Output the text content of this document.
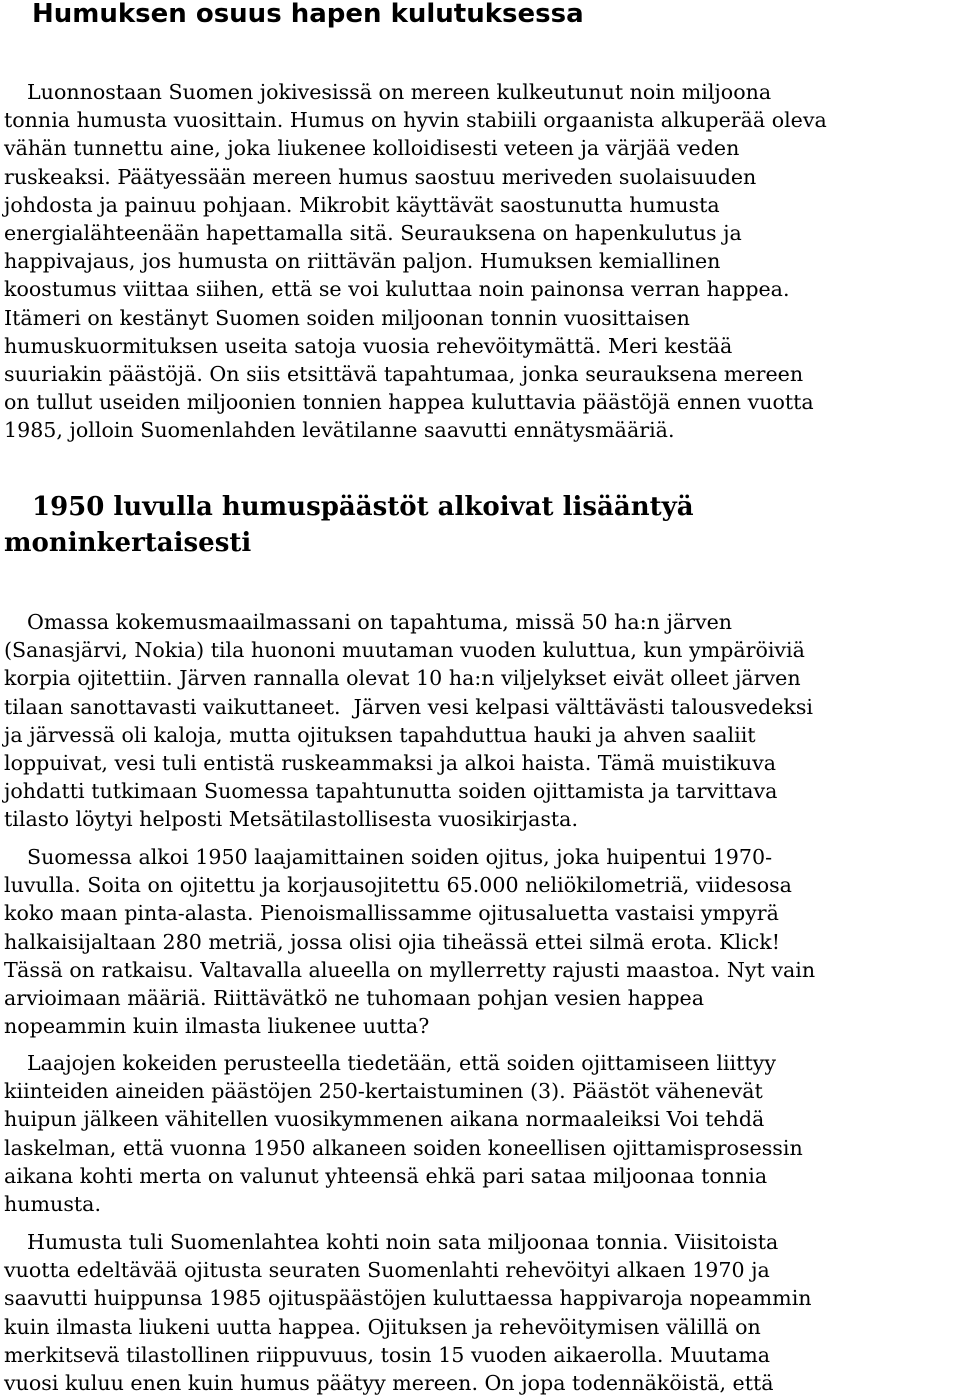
Humuksen osuus hapen kulutuksessa

Luonnostaan Suomen jokivesissä on mereen kulkeutunut noin miljoona
tonnia humusta vuosittain. Humus on hyvin stabiili orgaanista alkuperää oleva
vähän tunnettu aine, joka liukenee kolloidisesti veteen ja värjää veden
ruskeaksi. Päätyessään mereen humus saostuu meriveden suolaisuuden
johdosta ja painuu pohjaan. Mikrobit käyttävät saostunutta humusta
energialähteenään hapettamalla sitä. Seurauksena on hapenkulutus ja
happivajaus, jos humusta on riittävän paljon. Humuksen kemiallinen
koostumus viittaa siihen, että se voi kuluttaa noin painonsa verran happea.
Itämeri on kestänyt Suomen soiden miljoonan tonnin vuosittaisen
humuskuormituksen useita satoja vuosia rehevöitymättä. Meri kestää
suuriakin päästöjä. On siis etsittävä tapahtumaa, jonka seurauksena mereen
on tullut useiden miljoonien tonnien happea kuluttavia päästöjä ennen vuotta
1985, jolloin Suomenlahden levätilanne saavutti ennätysmääriä.

1950 luvulla humuspäästöt alkoivat lisääntyä
moninkertaisesti

Omassa kokemusmaailmassani on tapahtuma, missä 50 ha:n järven
(Sanasjärvi, Nokia) tila huononi muutaman vuoden kuluttua, kun ympäröiviä
korpia ojitettiin. Järven rannalla olevat 10 ha:n viljelykset eivät olleet järven
tilaan sanottavasti vaikuttaneet.  Järven vesi kelpasi välttävästi talousvedeksi
ja järvessä oli kaloja, mutta ojituksen tapahduttua hauki ja ahven saaliit
loppuivat, vesi tuli entistä ruskeammaksi ja alkoi haista. Tämä muistikuva
johdatti tutkimaan Suomessa tapahtunutta soiden ojittamista ja tarvittava
tilasto löytyi helposti Metsätilastollisesta vuosikirjasta.

Suomessa alkoi 1950 laajamittainen soiden ojitus, joka huipentui 1970-
luvulla. Soita on ojitettu ja korjausojitettu 65.000 neliökilometriä, viidesosa
koko maan pinta-alasta. Pienoismallissamme ojitusaluetta vastaisi ympyrä
halkaisijaltaan 280 metriä, jossa olisi ojia tiheässä ettei silmä erota. Klick!
Tässä on ratkaisu. Valtavalla alueella on myllerretty rajusti maastoa. Nyt vain
arvioimaan määriä. Riittävätkö ne tuhomaan pohjan vesien happea
nopeammin kuin ilmasta liukenee uutta?

Laajojen kokeiden perusteella tiedetään, että soiden ojittamiseen liittyy
kiinteiden aineiden päästöjen 250-kertaistuminen (3). Päästöt vähenevät
huipun jälkeen vähitellen vuosikymmenen aikana normaaleiksi Voi tehdä
laskelman, että vuonna 1950 alkaneen soiden koneellisen ojittamisprosessin
aikana kohti merta on valunut yhteensä ehkä pari sataa miljoonaa tonnia
humusta.

Humusta tuli Suomenlahtea kohti noin sata miljoonaa tonnia. Viisitoista
vuotta edeltävää ojitusta seuraten Suomenlahti rehevöityi alkaen 1970 ja
saavutti huippunsa 1985 ojituspäästöjen kuluttaessa happivaroja nopeammin
kuin ilmasta liukeni uutta happea. Ojituksen ja rehevöitymisen välillä on
merkitsevä tilastollinen riippuvuus, tosin 15 vuoden aikaerolla. Muutama
vuosi kuluu enen kuin humus päätyy mereen. On jopa todennäköistä, että
